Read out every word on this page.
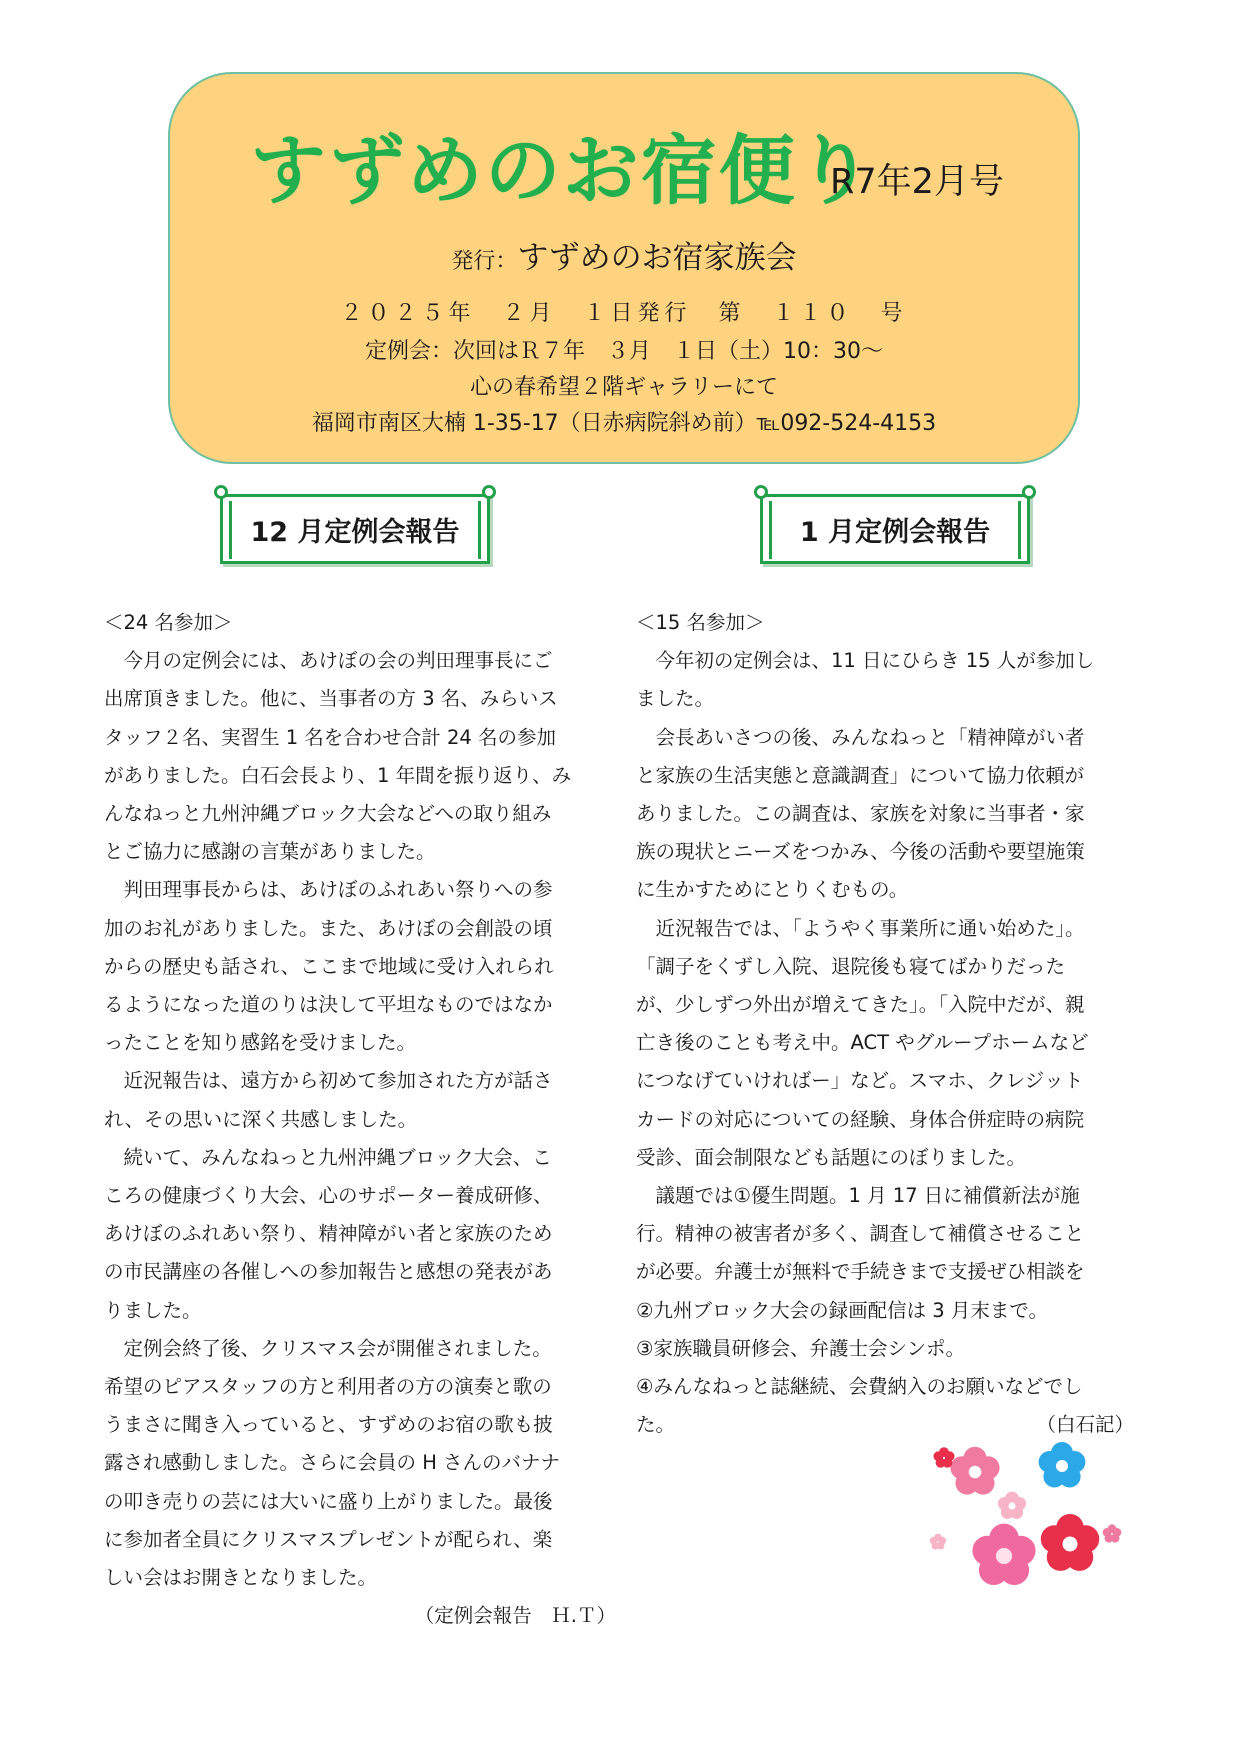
すずめのお宿便り
R7年2月号
発行：すずめのお宿家族会
２０２５年　２月　１日発行　第　１１０　号
定例会：次回はＲ７年　３月　１日（土）10：30～
心の春希望２階ギャラリーにて
福岡市南区大楠 1-35-17（日赤病院斜め前）℡092-524-4153
12 月定例会報告	1 月定例会報告

＜24 名参加＞

　今月の定例会には、あけぼの会の判田理事長にご

出席頂きました。他に、当事者の方 3 名、みらいス

タッフ２名、実習生 1 名を合わせ合計 24 名の参加

がありました。白石会長より、1 年間を振り返り、み

んなねっと九州沖縄ブロック大会などへの取り組み

とご協力に感謝の言葉がありました。

　判田理事長からは、あけぼのふれあい祭りへの参

加のお礼がありました。また、あけぼの会創設の頃

からの歴史も話され、ここまで地域に受け入れられ

るようになった道のりは決して平坦なものではなか

ったことを知り感銘を受けました。

　近況報告は、遠方から初めて参加された方が話さ

れ、その思いに深く共感しました。

　続いて、みんなねっと九州沖縄ブロック大会、こ

ころの健康づくり大会、心のサポーター養成研修、

あけぼのふれあい祭り、精神障がい者と家族のため

の市民講座の各催しへの参加報告と感想の発表があ

りました。

　定例会終了後、クリスマス会が開催されました。

希望のピアスタッフの方と利用者の方の演奏と歌の

うまさに聞き入っていると、すずめのお宿の歌も披

露され感動しました。さらに会員の H さんのバナナ

の叩き売りの芸には大いに盛り上がりました。最後

に参加者全員にクリスマスプレゼントが配られ、楽

しい会はお開きとなりました。

（定例会報告　Ｈ.Ｔ）

＜15 名参加＞

　今年初の定例会は、11 日にひらき 15 人が参加し

ました。

　会長あいさつの後、みんなねっと「精神障がい者

と家族の生活実態と意識調査」について協力依頼が

ありました。この調査は、家族を対象に当事者・家

族の現状とニーズをつかみ、今後の活動や要望施策

に生かすためにとりくむもの。

　近況報告では、「ようやく事業所に通い始めた」。

「調子をくずし入院、退院後も寝てばかりだった

が、少しずつ外出が増えてきた」。「入院中だが、親

亡き後のことも考え中。ACT やグループホームなど

につなげていければー」など。スマホ、クレジット

カードの対応についての経験、身体合併症時の病院

受診、面会制限なども話題にのぼりました。

　議題では①優生問題。1 月 17 日に補償新法が施

行。精神の被害者が多く、調査して補償させること

が必要。弁護士が無料で手続きまで支援ぜひ相談を

②九州ブロック大会の録画配信は 3 月末まで。

③家族職員研修会、弁護士会シンポ。

④みんなねっと誌継続、会費納入のお願いなどでし

た。	（白石記）
